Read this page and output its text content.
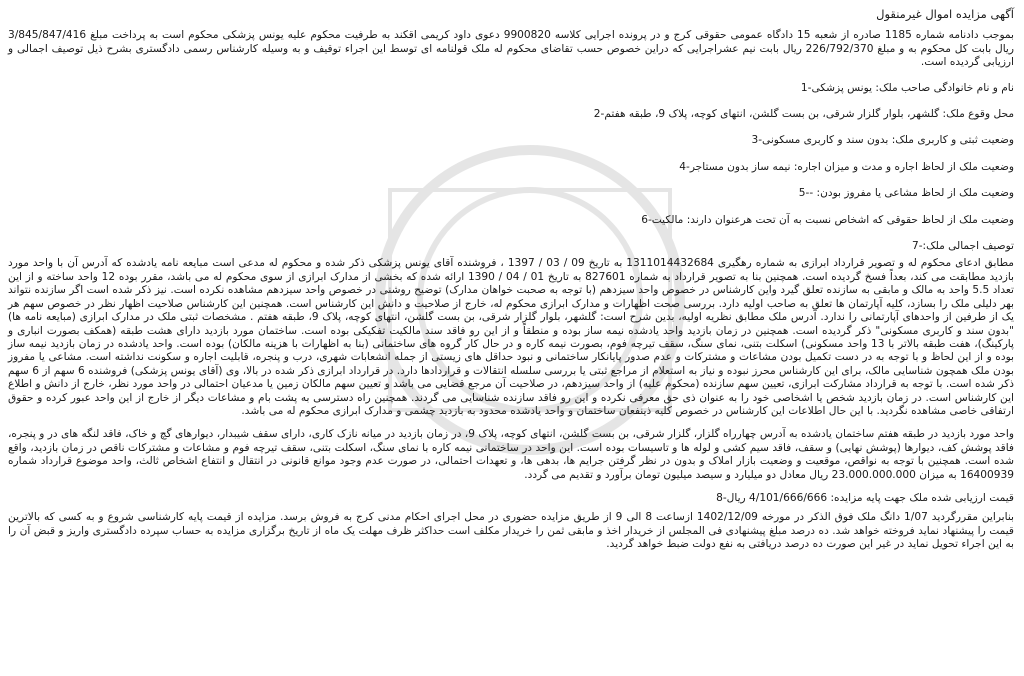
آگهی مزایده اموال غیرمنقول
بموجب دادنامه شماره 1185 صادره از شعبه 15 دادگاه عمومی حقوقی کرج و در پرونده اجرایی کلاسه 9900820 دعوی داود کریمی اقکند به طرفیت محکوم علیه یونس پزشکی محکوم است به پرداخت مبلغ 3/845/847/416 ریال بابت کل محکوم به و مبلغ 226/792/370 ریال بابت نیم عشراجرایی که دراین خصوص حسب تقاضای محکوم له ملک قولنامه ای توسط این اجراء توقیف و به وسیله کارشناس رسمی دادگستری بشرح ذیل توصیف اجمالی و ارزیابی گردیده است.
نام و نام خانوادگی صاحب ملک: یونس پزشکی-1
محل وقوع ملک: گلشهر، بلوار گلزار شرقی، بن بست گلشن، انتهای کوچه، پلاک 9، طبقه هفتم-2
وضعیت ثبتی و کاربری ملک: بدون سند و کاربری مسکونی-3
وضعیت ملک از لحاظ اجاره و مدت و میزان اجاره: نیمه ساز بدون مستاجر-4
وضعیت ملک از لحاظ مشاعی یا مفروز بودن: --5
وضعیت ملک از لحاظ حقوقی که اشخاص نسبت به آن تحت هرعنوان دارند: مالکیت-6
توصیف اجمالی ملک:-7
مطابق ادعای محکوم له و تصویر قرارداد ابرازی به شماره رهگیری 1311014432684 به تاریخ 09 / 03 / 1397 ، فروشنده آقای یونس پزشکی ذکر شده و محکوم له مدعی است مبایعه نامه یادشده که آدرس آن با واحد مورد بازدید مطابقت می کند، بعداً فسخ گردیده است. همچنین بنا به تصویر قرارداد به شماره 827601 به تاریخ 01 / 04 / 1390 ارائه شده که بخشی از مدارک ابرازی از سوی محکوم له می باشد، مقرر بوده 12 واحد ساخته و از این تعداد 5.5 واحد به مالک و مابقی به سازنده تعلق گیرد واین کارشناس در خصوص واحد سیزدهم (با توجه به صحبت خواهان مدارک) توضیح روشنی در خصوص واحد سیزدهم مشاهده نکرده است. نیز ذکر شده است اگر سازنده نتواند بهر دلیلی ملک را بسازد، کلیه آپارتمان ها تعلق به صاحب اولیه دارد. بررسی صحت اظهارات و مدارک ابرازی محکوم له، خارج از صلاحیت و دانش این کارشناس است. همچنین این کارشناس صلاحیت اظهار نظر در خصوص سهم هر یک از طرفین از واحدهای آپارتمانی را ندارد. آدرس ملک مطابق نظریه اولیه، بدین شرح است: گلشهر، بلوار گلزار شرقی، بن بست گلشن، انتهای کوچه، پلاک 9، طبقه هفتم . مشخصات ثبتی ملک در مدارک ابرازی (مبایعه نامه ها) "بدون سند و کاربری مسکونی" ذکر گردیده است. همچنین در زمان بازدید واحد یادشده نیمه ساز بوده و منطقاً و از این رو فاقد سند مالکیت تفکیکی بوده است. ساختمان مورد بازدید دارای هشت طبقه (همکف بصورت انباری و پارکینگ)، هفت طبقه بالاتر با 13 واحد مسکونی) اسکلت بتنی، نمای سنگ، سقف تیرچه فوم، بصورت نیمه کاره و در حال کار گروه های ساختمانی (بنا به اظهارات با هزینه مالکان) بوده است. واحد یادشده در زمان بازدید نیمه ساز بوده و از این لحاظ و با توجه به در دست تکمیل بودن مشاعات و مشترکات و عدم صدور پایانکار ساختمانی و نبود حداقل های زیستی از جمله انشعابات شهری، درب و پنجره، قابلیت اجاره و سکونت نداشته است. مشاعی یا مفروز بودن ملک همچون شناسایی مالک، برای این کارشناس محرز نبوده و نیاز به استعلام از مراجع ثبتی یا بررسی سلسله انتقالات و قراردادها دارد. در قرارداد ابرازی ذکر شده در بالا، وی (آقای یونس پزشکی) فروشنده 6 سهم از 6 سهم ذکر شده است. با توجه به قرارداد مشارکت ابرازی، تعیین سهم سازنده (محکوم علیه) از واحد سیزدهم، در صلاحیت آن مرجع قضایی می باشد و تعیین سهم مالکان زمین یا مدعیان احتمالی در واحد مورد نظر، خارج از دانش و اطلاع این کارشناس است. در زمان بازدید شخص یا اشخاصی خود را به عنوان ذی حق معرفی نکرده و این رو فاقد سازنده شناسایی می گردند. همچنین راه دسترسی به پشت بام و مشاعات دیگر از خارج از این واحد عبور کرده و حقوق ارتفاقی خاصی مشاهده نگردید. با این حال اطلاعات این کارشناس در خصوص کلیه ذینفعان ساختمان و واحد یادشده محدود به بازدید چشمی و مدارک ابرازی محکوم له می باشد.
واحد مورد بازدید در طبقه هفتم ساختمان یادشده به آدرس چهارراه گلزار، گلزار شرقی، بن بست گلشن، انتهای کوچه، پلاک 9، در زمان بازدید در میانه نازک کاری، دارای سقف شیبدار، دیوارهای گچ و خاک، فاقد لنگه های در و پنجره، فاقد پوشش کف، دیوارها (پوشش نهایی) و سقف، فاقد سیم کشی و لوله ها و تاسیسات بوده است. این واحد در ساختمانی نیمه کاره با نمای سنگ، اسکلت بتنی، سقف تیرچه فوم و مشاعات و مشترکات ناقص در زمان بازدید، واقع شده است. همچنین با توجه به نواقص، موقعیت و وضعیت بازار املاک و بدون در نظر گرفتن جرایم ها، بدهی ها، و تعهدات احتمالی، در صورت عدم وجود موانع قانونی در انتقال و انتفاع اشخاص ثالث، واحد موضوع قرارداد شماره 16400939 به میزان 23.000.000.000 ریال معادل دو میلیارد و سیصد میلیون تومان برآورد و تقدیم می گردد.
قیمت ارزیابی شده ملک جهت پایه مزایده: 4/101/666/666 ریال-8
بنابراین مقررگردید 1/07 دانگ ملک فوق الذکر در مورخه 1402/12/09 ازساعت 8 الی 9 از طریق مزایده حضوری در محل اجرای احکام مدنی کرج به فروش برسد. مزایده از قیمت پایه کارشناسی شروع و به کسی که بالاترین قیمت را پیشنهاد نماید فروخته خواهد شد. ده درصد مبلغ پیشنهادی فی المجلس از خریدار اخذ و مابقی ثمن را خریدار مکلف است حداکثر ظرف مهلت یک ماه از تاریخ برگزاری مزایده به حساب سپرده دادگستری واریز و قبض آن را به این اجراء تحویل نماید در غیر این صورت ده درصد دریافتی به نفع دولت ضبط خواهد گردید.
